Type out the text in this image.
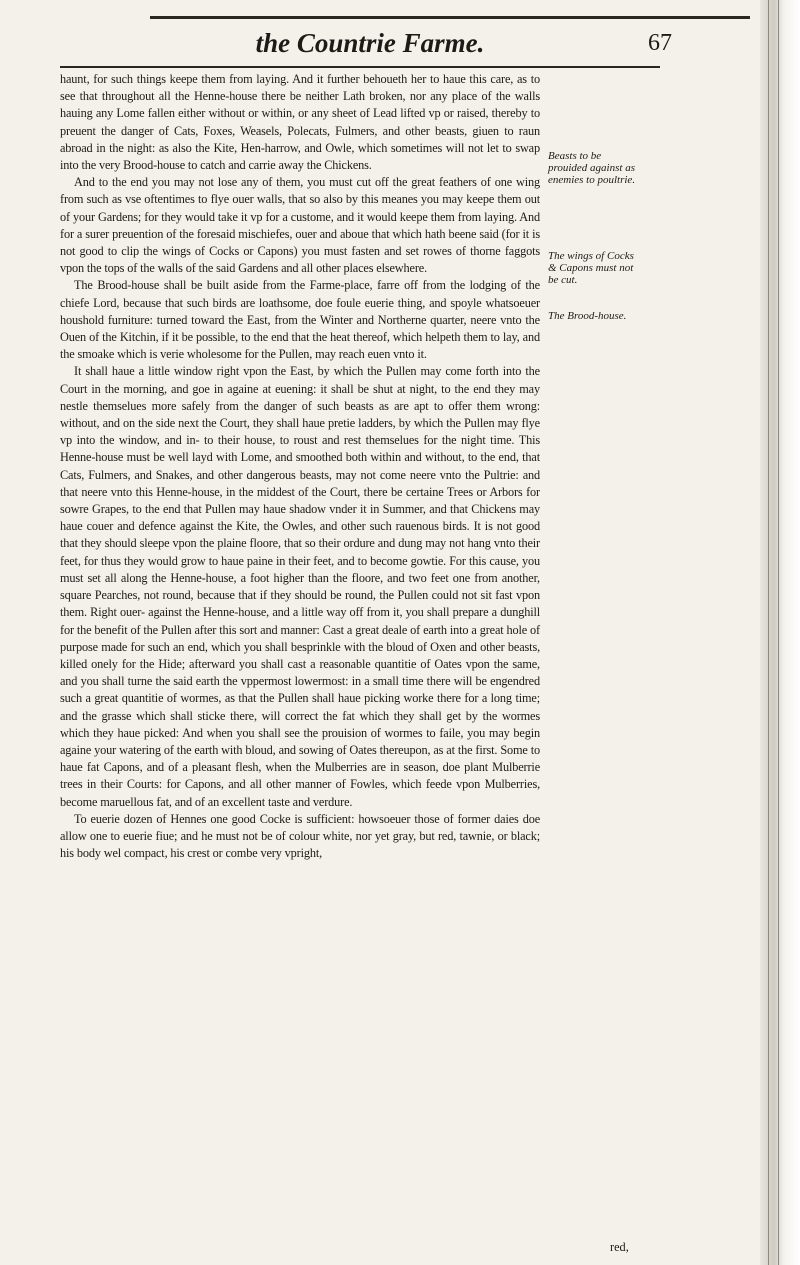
the Countrie Farme.	67

haunt, for such things keepe them from laying. And it further behoueth her to haue this care, as to see that throughout all the Henne-house there be neither Lath broken, nor any place of the walls hauing any Lome fallen either without or within, or any sheet of Lead lifted vp or raised, thereby to preuent the danger of Cats, Foxes, Weasels, Polecats, Fulmers, and other beasts, giuen to raun abroad in the night: as also the Kite, Hen-harrow, and Owle, which sometimes will not let to swap into the very Brood-house to catch and carrie away the Chickens.

And to the end you may not lose any of them, you must cut off the great feathers of one wing from such as vse oftentimes to flye ouer walls, that so also by this meanes you may keepe them out of your Gardens; for they would take it vp for a custome, and it would keepe them from laying. And for a surer preuention of the foresaid mischiefes, ouer and aboue that which hath beene said (for it is not good to clip the wings of Cocks or Capons) you must fasten and set rowes of thorne faggots vpon the tops of the walls of the said Gardens and all other places elsewhere.

The Brood-house shall be built aside from the Farme-place, farre off from the lodging of the chiefe Lord, because that such birds are loathsome, doe foule euerie thing, and spoyle whatsoeuer houshold furniture: turned toward the East, from the Winter and Northerne quarter, neere vnto the Ouen of the Kitchin, if it be possible, to the end that the heat thereof, which helpeth them to lay, and the smoake which is verie wholesome for the Pullen, may reach euen vnto it.

It shall haue a little window right vpon the East, by which the Pullen may come forth into the Court in the morning, and goe in againe at euening: it shall be shut at night, to the end they may nestle themselues more safely from the danger of such beasts as are apt to offer them wrong: without, and on the side next the Court, they shall haue pretie ladders, by which the Pullen may flye vp into the window, and in- to their house, to roust and rest themselues for the night time. This Henne-house must be well layd with Lome, and smoothed both within and without, to the end, that Cats, Fulmers, and Snakes, and other dangerous beasts, may not come neere vnto the Pultrie: and that neere vnto this Henne-house, in the middest of the Court, there be certaine Trees or Arbors for sowre Grapes, to the end that Pullen may haue shadow vnder it in Summer, and that Chickens may haue couer and defence against the Kite, the Owles, and other such rauenous birds. It is not good that they should sleepe vpon the plaine floore, that so their ordure and dung may not hang vnto their feet, for thus they would grow to haue paine in their feet, and to become gowtie. For this cause, you must set all along the Henne-house, a foot higher than the floore, and two feet one from another, square Pearches, not round, because that if they should be round, the Pullen could not sit fast vpon them. Right ouer- against the Henne-house, and a little way off from it, you shall prepare a dunghill for the benefit of the Pullen after this sort and manner: Cast a great deale of earth into a great hole of purpose made for such an end, which you shall besprinkle with the bloud of Oxen and other beasts, killed onely for the Hide; afterward you shall cast a reasonable quantitie of Oates vpon the same, and you shall turne the said earth the vppermost lowermost: in a small time there will be engendred such a great quantitie of wormes, as that the Pullen shall haue picking worke there for a long time; and the grasse which shall sticke there, will correct the fat which they shall get by the wormes which they haue picked: And when you shall see the prouision of wormes to faile, you may begin againe your watering of the earth with bloud, and sowing of Oates thereupon, as at the first. Some to haue fat Capons, and of a pleasant flesh, when the Mulberries are in season, doe plant Mulberrie trees in their Courts: for Capons, and all other manner of Fowles, which feede vpon Mulberries, become maruellous fat, and of an excellent taste and verdure.

To euerie dozen of Hennes one good Cocke is sufficient: howsoeuer those of former daies doe allow one to euerie fiue; and he must not be of colour white, nor yet gray, but red, tawnie, or black; his body wel compact, his crest or combe very vpright,

Beasts to be prouided against as enemies to poultrie.
The wings of Cocks & Capons must not be cut.
The Brood-house.
red,
